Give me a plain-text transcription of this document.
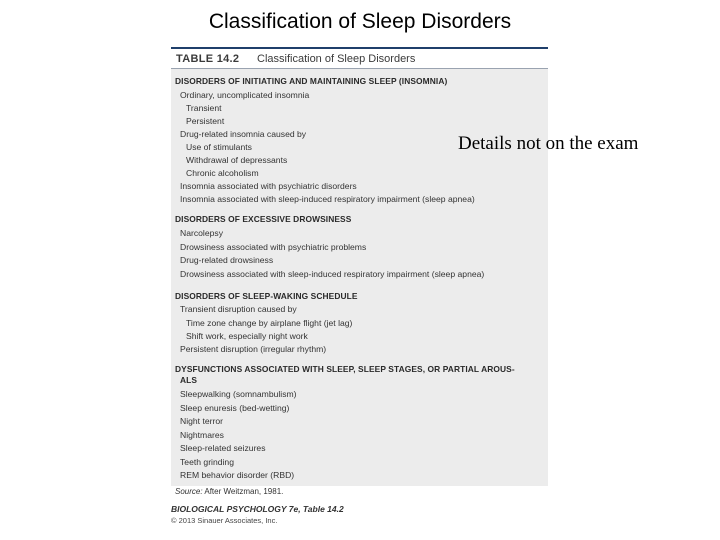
Classification of Sleep Disorders
TABLE 14.2 Classification of Sleep Disorders
DISORDERS OF INITIATING AND MAINTAINING SLEEP (INSOMNIA)
Ordinary, uncomplicated insomnia
Transient
Persistent
Drug-related insomnia caused by
Use of stimulants
Withdrawal of depressants
Chronic alcoholism
Insomnia associated with psychiatric disorders
Insomnia associated with sleep-induced respiratory impairment (sleep apnea)
DISORDERS OF EXCESSIVE DROWSINESS
Narcolepsy
Drowsiness associated with psychiatric problems
Drug-related drowsiness
Drowsiness associated with sleep-induced respiratory impairment (sleep apnea)
DISORDERS OF SLEEP-WAKING SCHEDULE
Transient disruption caused by
Time zone change by airplane flight (jet lag)
Shift work, especially night work
Persistent disruption (irregular rhythm)
DYSFUNCTIONS ASSOCIATED WITH SLEEP, SLEEP STAGES, OR PARTIAL AROUS-
ALS
Sleepwalking (somnambulism)
Sleep enuresis (bed-wetting)
Night terror
Nightmares
Sleep-related seizures
Teeth grinding
REM behavior disorder (RBD)
Source: After Weitzman, 1981.
BIOLOGICAL PSYCHOLOGY 7e, Table 14.2
© 2013 Sinauer Associates, Inc.
Details not on the exam
